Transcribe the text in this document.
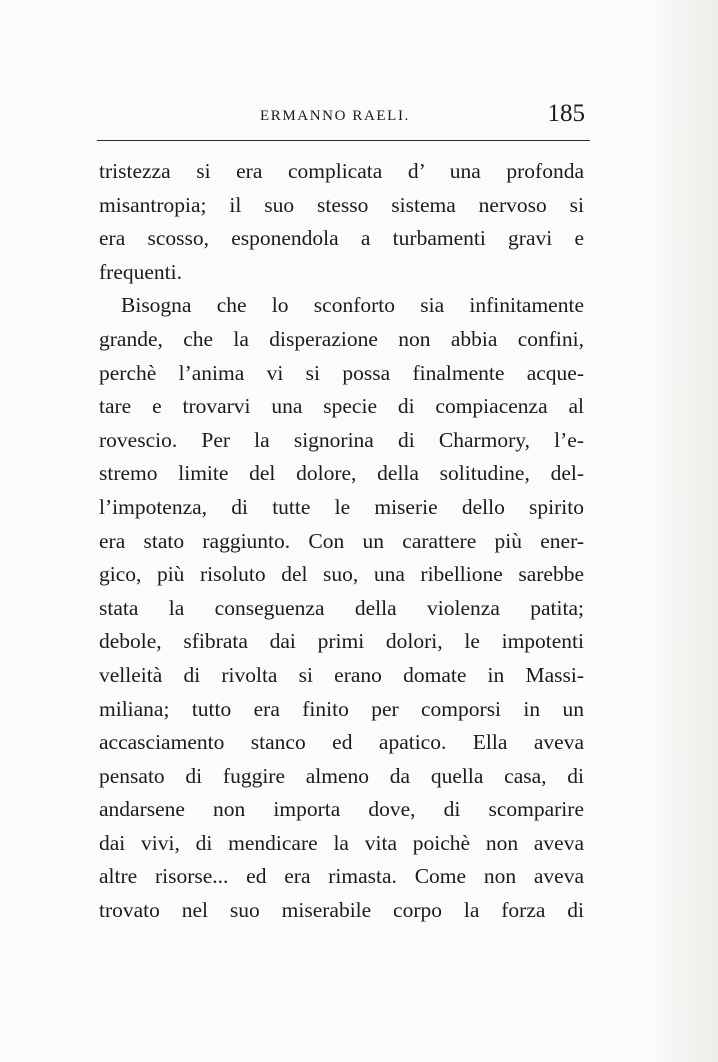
ERMANNO RAELI.	185
tristezza si era complicata d’ una profonda
misantropia; il suo stesso sistema nervoso si
era scosso, esponendola a turbamenti gravi e
frequenti.
Bisogna che lo sconforto sia infinitamente
grande, che la disperazione non abbia confini,
perchè l’anima vi si possa finalmente acque-
tare e trovarvi una specie di compiacenza al
rovescio. Per la signorina di Charmory, l’e-
stremo limite del dolore, della solitudine, del-
l’impotenza, di tutte le miserie dello spirito
era stato raggiunto. Con un carattere più ener-
gico, più risoluto del suo, una ribellione sarebbe
stata la conseguenza della violenza patita;
debole, sfibrata dai primi dolori, le impotenti
velleità di rivolta si erano domate in Massi-
miliana; tutto era finito per comporsi in un
accasciamento stanco ed apatico. Ella aveva
pensato di fuggire almeno da quella casa, di
andarsene non importa dove, di scomparire
dai vivi, di mendicare la vita poichè non aveva
altre risorse... ed era rimasta. Come non aveva
trovato nel suo miserabile corpo la forza di
